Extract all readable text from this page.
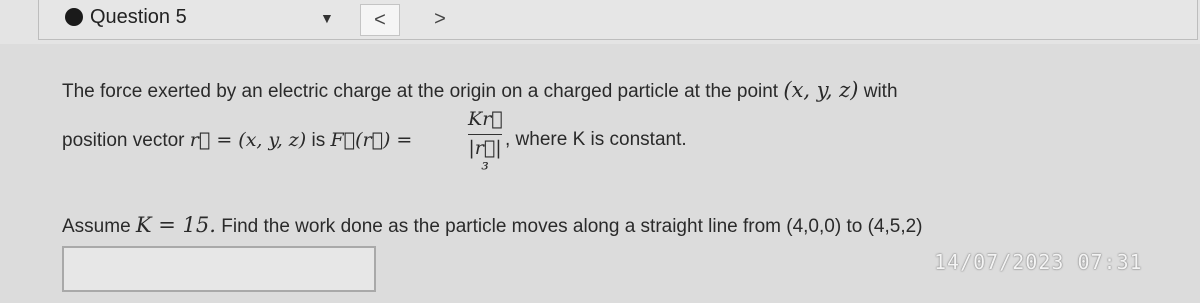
Question 5	▼	<	>
The force exerted by an electric charge at the origin on a charged particle at the point (x, y, z) with
position vector r⃗ = (x, y, z) is F⃗(r⃗) =
Kr⃗
|r⃗|³
, where K is constant.
Assume K = 15. Find the work done as the particle moves along a straight line from (4,0,0) to (4,5,2)
14/07/2023 07:31
